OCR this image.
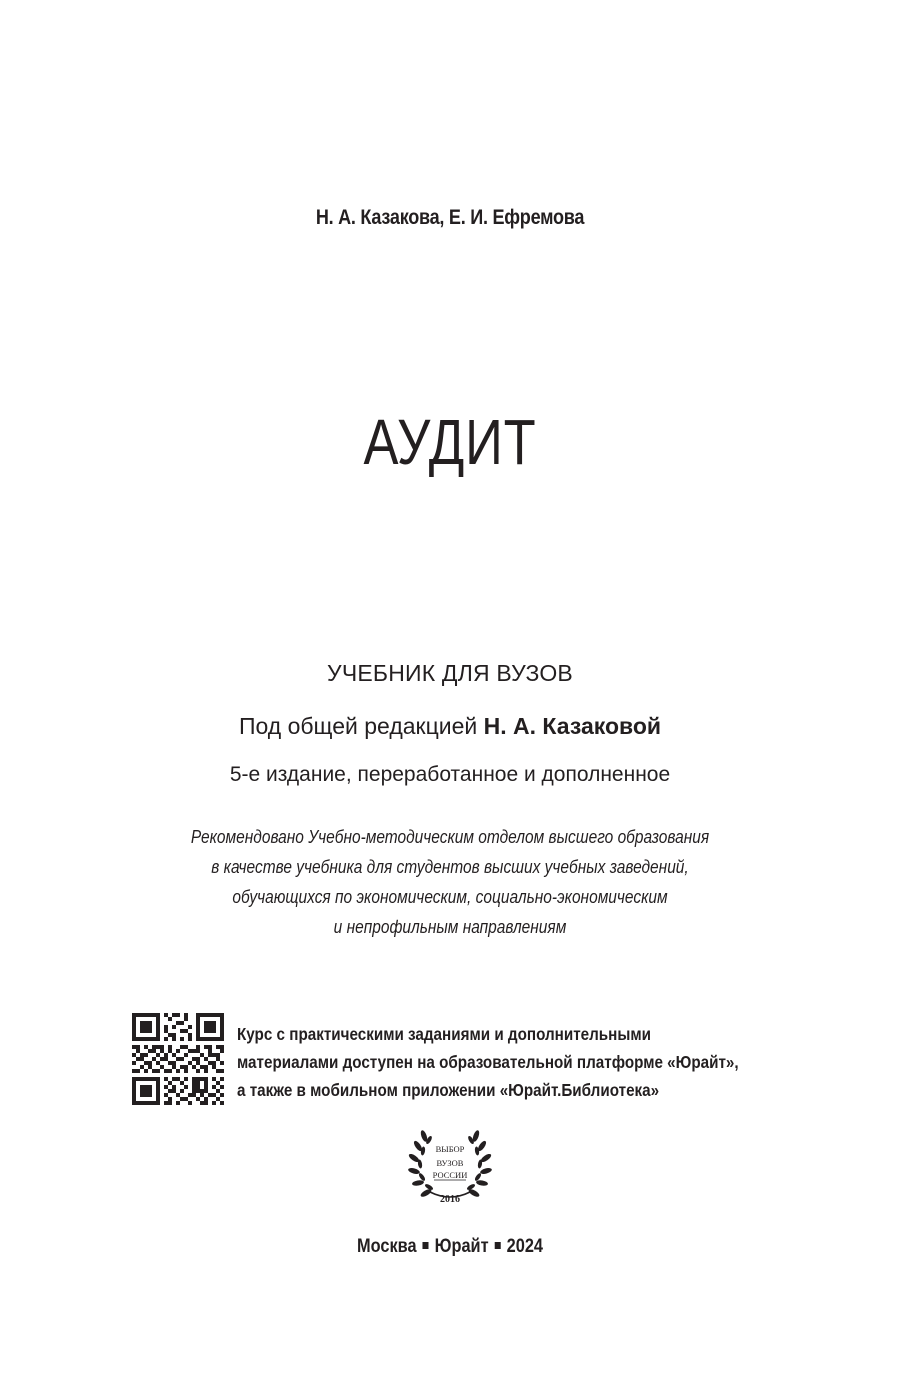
Н. А. Казакова, Е. И. Ефремова
АУДИТ
УЧЕБНИК ДЛЯ ВУЗОВ
Под общей редакцией Н. А. Казаковой
5-е издание, переработанное и дополненное
Рекомендовано Учебно-методическим отделом высшего образования
в качестве учебника для студентов высших учебных заведений,
обучающихся по экономическим, социально-экономическим
и непрофильным направлениям
Курс с практическими заданиями и дополнительными
материалами доступен на образовательной платформе «Юрайт»,
а также в мобильном приложении «Юрайт.Библиотека»
ВЫБОР
ВУЗОВ
РОССИИ
2016
Москва Юрайт 2024
